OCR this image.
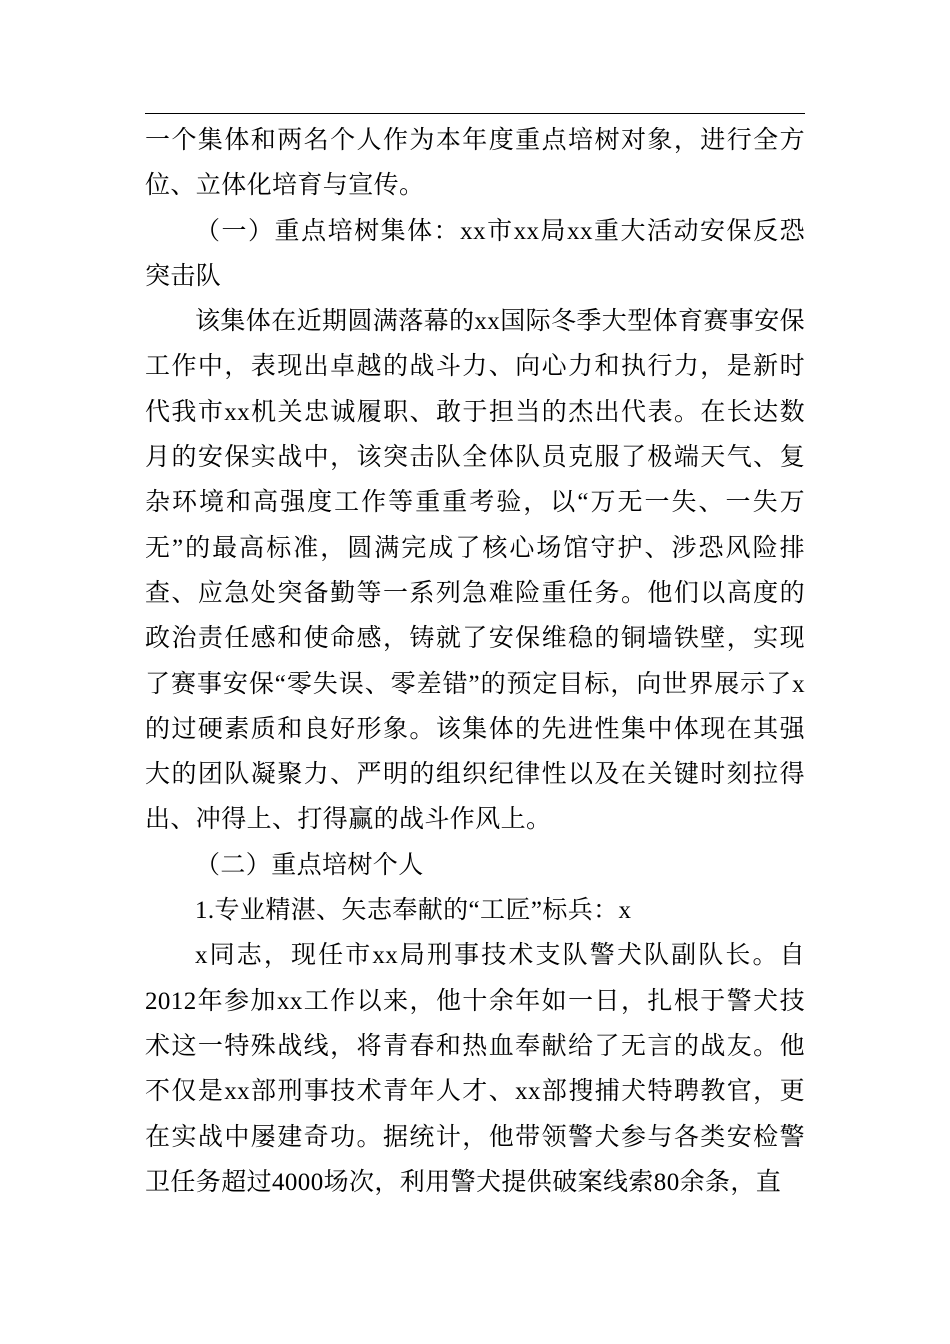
一个集体和两名个人作为本年度重点培树对象，进行全方位、立体化培育与宣传。

（一）重点培树集体：xx市xx局xx重大活动安保反恐突击队

该集体在近期圆满落幕的xx国际冬季大型体育赛事安保工作中，表现出卓越的战斗力、向心力和执行力，是新时代我市xx机关忠诚履职、敢于担当的杰出代表。在长达数月的安保实战中，该突击队全体队员克服了极端天气、复杂环境和高强度工作等重重考验，以“万无一失、一失万无”的最高标准，圆满完成了核心场馆守护、涉恐风险排查、应急处突备勤等一系列急难险重任务。他们以高度的政治责任感和使命感，铸就了安保维稳的铜墙铁壁，实现了赛事安保“零失误、零差错”的预定目标，向世界展示了x的过硬素质和良好形象。该集体的先进性集中体现在其强大的团队凝聚力、严明的组织纪律性以及在关键时刻拉得出、冲得上、打得赢的战斗作风上。

（二）重点培树个人

1.专业精湛、矢志奉献的“工匠”标兵：x

x同志，现任市xx局刑事技术支队警犬队副队长。自2012年参加xx工作以来，他十余年如一日，扎根于警犬技术这一特殊战线，将青春和热血奉献给了无言的战友。他不仅是xx部刑事技术青年人才、xx部搜捕犬特聘教官，更在实战中屡建奇功。据统计，他带领警犬参与各类安检警卫任务超过4000场次，利用警犬提供破案线索80余条，直
